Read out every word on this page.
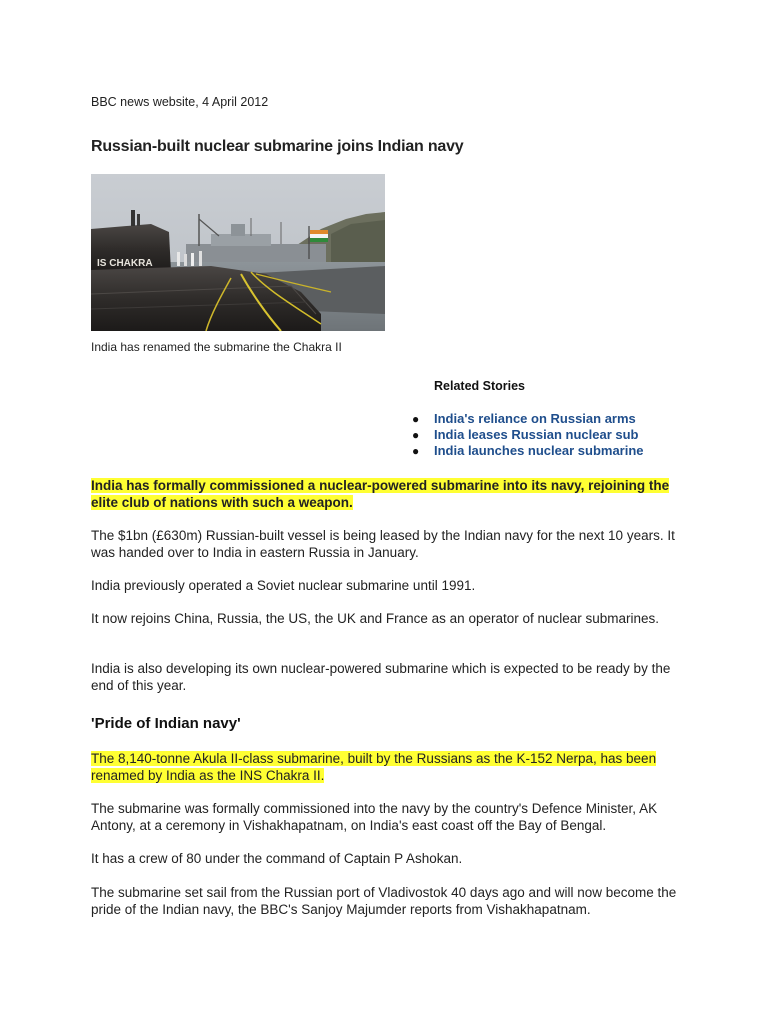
BBC news website, 4 April 2012

Russian-built nuclear submarine joins Indian navy
IS CHAKRA

India has renamed the submarine the Chakra II

Related Stories

● India's reliance on Russian arms
● India leases Russian nuclear sub
● India launches nuclear submarine

India has formally commissioned a nuclear-powered submarine into its navy, rejoining the elite club of nations with such a weapon.

The $1bn (£630m) Russian-built vessel is being leased by the Indian navy for the next 10 years. It was handed over to India in eastern Russia in January.

India previously operated a Soviet nuclear submarine until 1991.

It now rejoins China, Russia, the US, the UK and France as an operator of nuclear submarines.

India is also developing its own nuclear-powered submarine which is expected to be ready by the end of this year.

'Pride of Indian navy'

The 8,140-tonne Akula II-class submarine, built by the Russians as the K-152 Nerpa, has been renamed by India as the INS Chakra II.

The submarine was formally commissioned into the navy by the country's Defence Minister, AK Antony, at a ceremony in Vishakhapatnam, on India's east coast off the Bay of Bengal.

It has a crew of 80 under the command of Captain P Ashokan.

The submarine set sail from the Russian port of Vladivostok 40 days ago and will now become the pride of the Indian navy, the BBC's Sanjoy Majumder reports from Vishakhapatnam.
